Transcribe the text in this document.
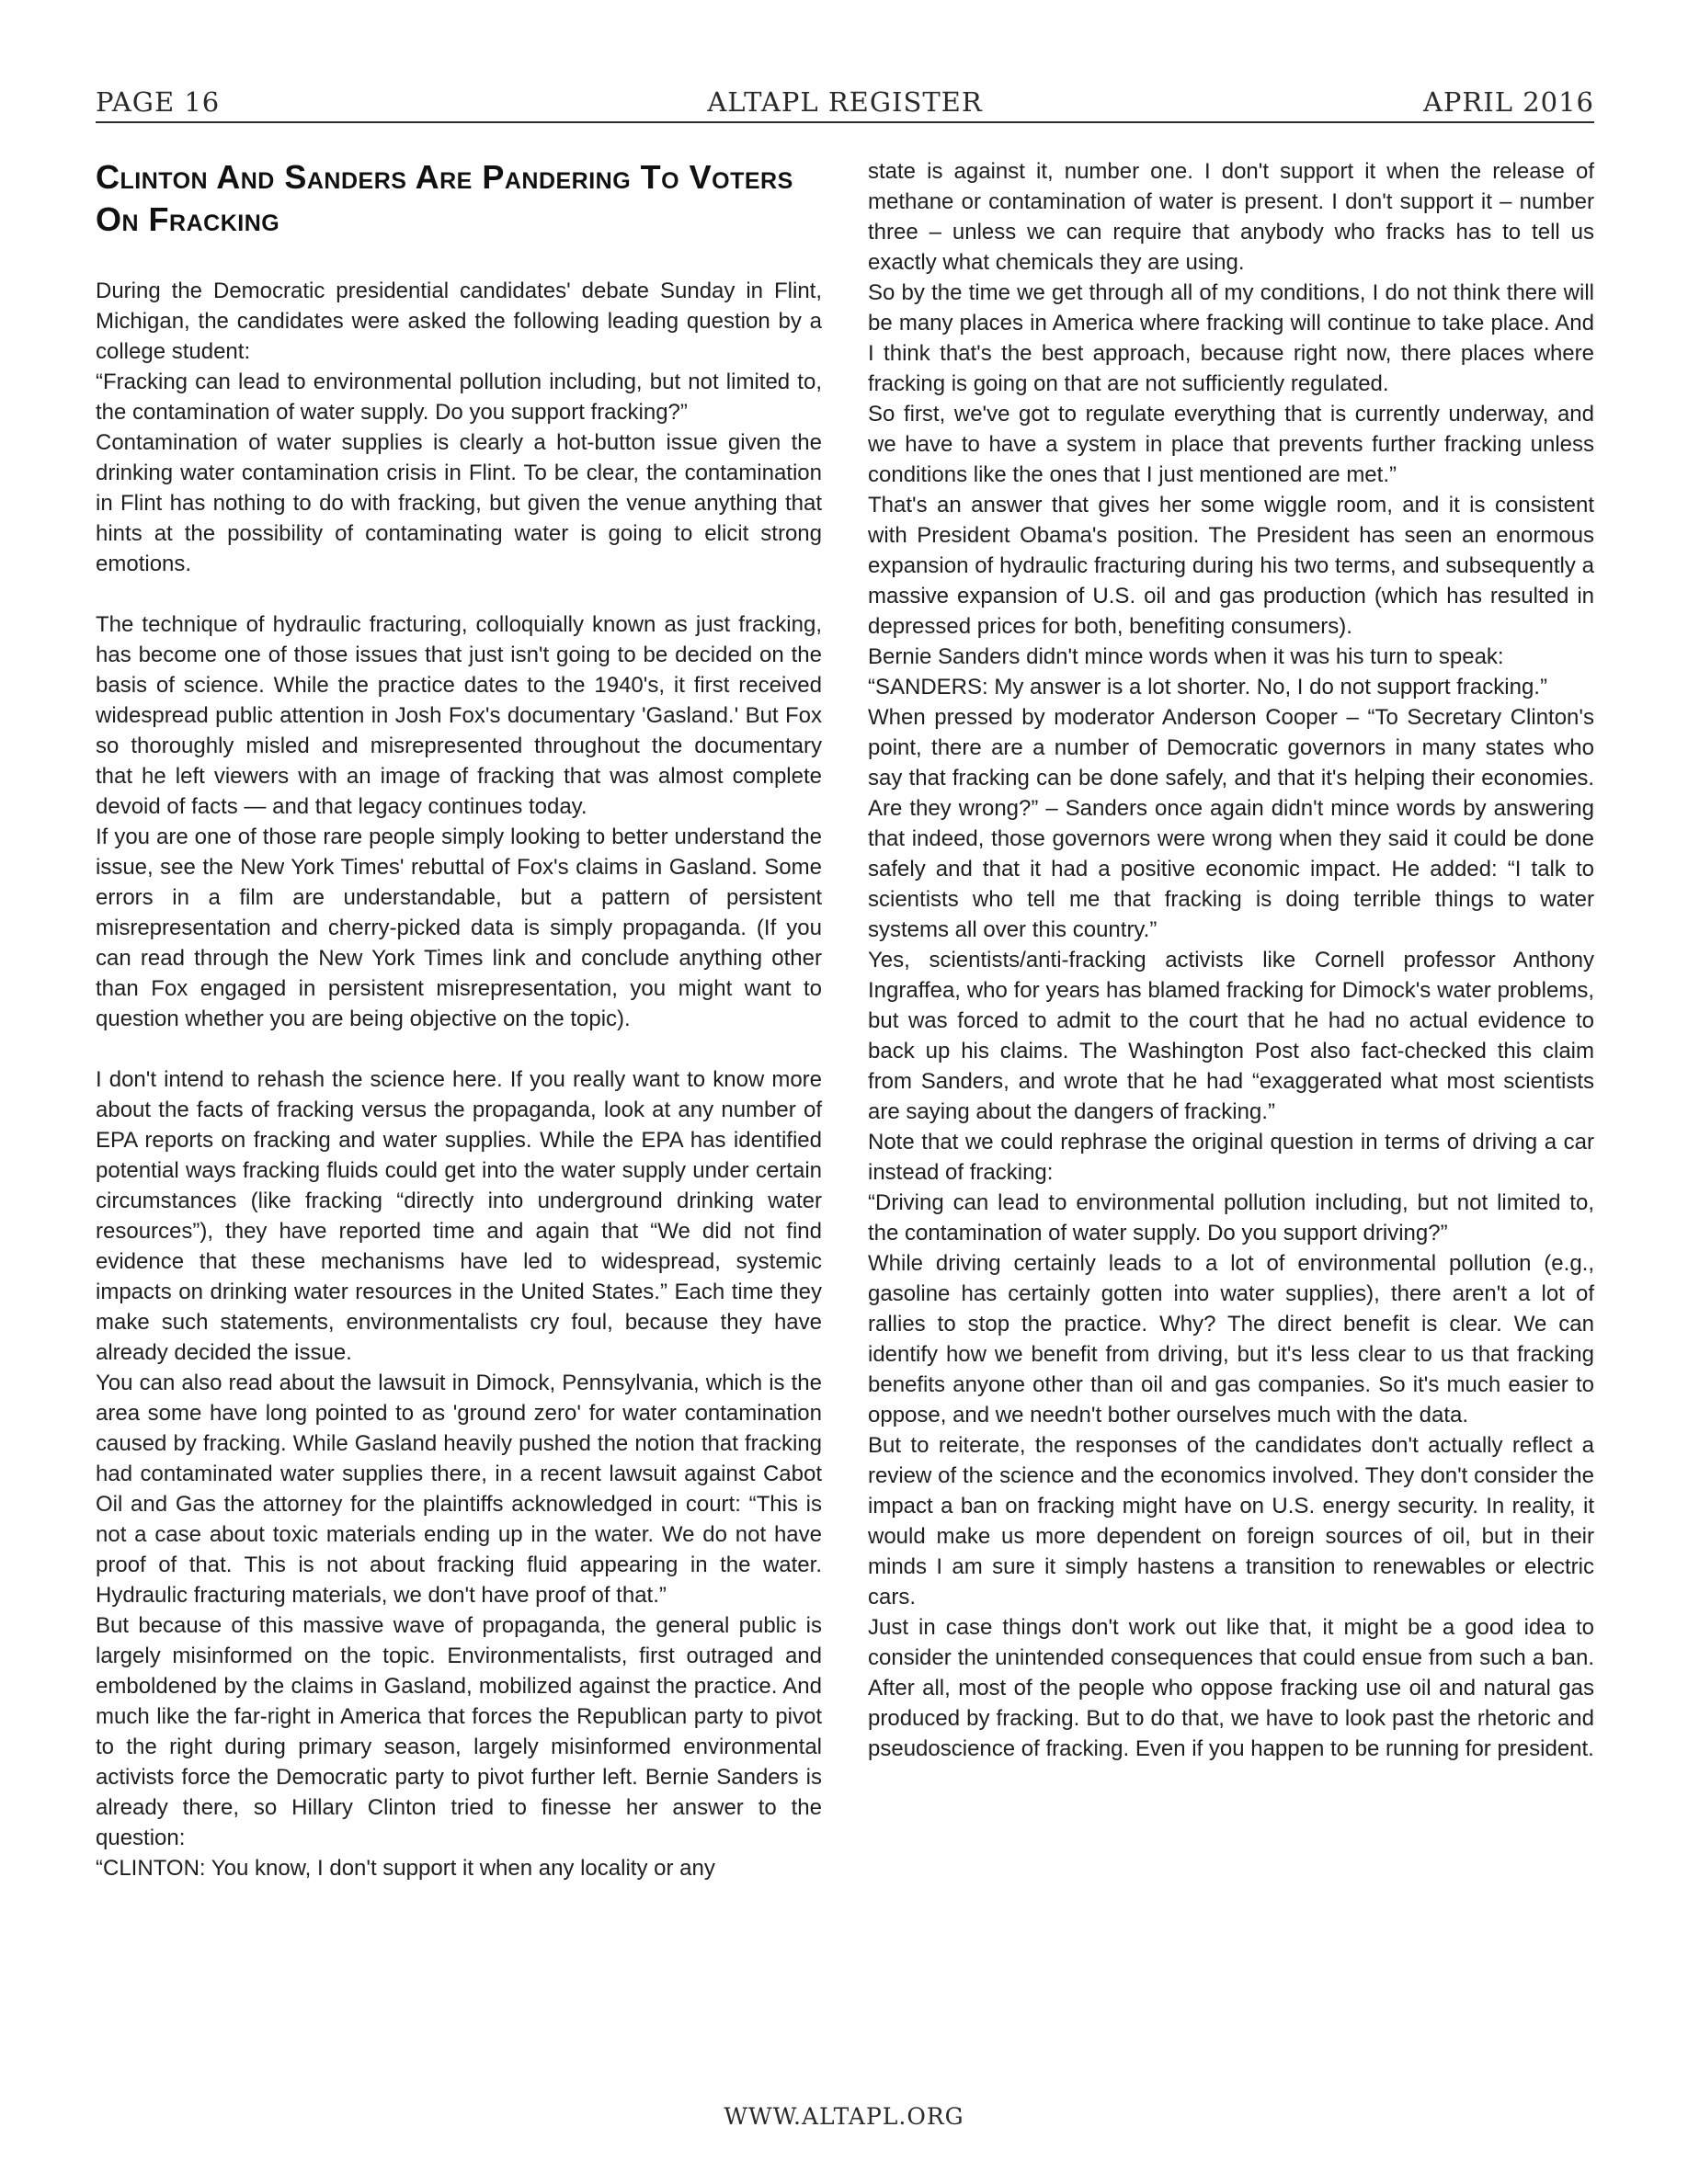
PAGE 16	ALTAPL REGISTER	APRIL 2016
Clinton And Sanders Are Pandering To Voters On Fracking

During the Democratic presidential candidates' debate Sunday in Flint, Michigan, the candidates were asked the following leading question by a college student:

“Fracking can lead to environmental pollution including, but not limited to, the contamination of water supply. Do you support fracking?”

Contamination of water supplies is clearly a hot-button issue given the drinking water contamination crisis in Flint. To be clear, the contamination in Flint has nothing to do with fracking, but given the venue anything that hints at the possibility of contaminating water is going to elicit strong emotions.

The technique of hydraulic fracturing, colloquially known as just fracking, has become one of those issues that just isn't going to be decided on the basis of science. While the practice dates to the 1940's, it first received widespread public attention in Josh Fox's documentary 'Gasland.' But Fox so thoroughly misled and misrepresented throughout the documentary that he left viewers with an image of fracking that was almost complete devoid of facts — and that legacy continues today.

If you are one of those rare people simply looking to better understand the issue, see the New York Times' rebuttal of Fox's claims in Gasland. Some errors in a film are understandable, but a pattern of persistent misrepresentation and cherry-picked data is simply propaganda. (If you can read through the New York Times link and conclude anything other than Fox engaged in persistent misrepresentation, you might want to question whether you are being objective on the topic).

I don't intend to rehash the science here. If you really want to know more about the facts of fracking versus the propaganda, look at any number of EPA reports on fracking and water supplies. While the EPA has identified potential ways fracking fluids could get into the water supply under certain circumstances (like fracking “directly into underground drinking water resources”), they have reported time and again that “We did not find evidence that these mechanisms have led to widespread, systemic impacts on drinking water resources in the United States.” Each time they make such statements, environmentalists cry foul, because they have already decided the issue.

You can also read about the lawsuit in Dimock, Pennsylvania, which is the area some have long pointed to as 'ground zero' for water contamination caused by fracking. While Gasland heavily pushed the notion that fracking had contaminated water supplies there, in a recent lawsuit against Cabot Oil and Gas the attorney for the plaintiffs acknowledged in court: “This is not a case about toxic materials ending up in the water. We do not have proof of that. This is not about fracking fluid appearing in the water. Hydraulic fracturing materials, we don't have proof of that.”

But because of this massive wave of propaganda, the general public is largely misinformed on the topic. Environmentalists, first outraged and emboldened by the claims in Gasland, mobilized against the practice. And much like the far-right in America that forces the Republican party to pivot to the right during primary season, largely misinformed environmental activists force the Democratic party to pivot further left. Bernie Sanders is already there, so Hillary Clinton tried to finesse her answer to the question:

“CLINTON: You know, I don't support it when any locality or any

state is against it, number one. I don't support it when the release of methane or contamination of water is present. I don't support it – number three – unless we can require that anybody who fracks has to tell us exactly what chemicals they are using.

So by the time we get through all of my conditions, I do not think there will be many places in America where fracking will continue to take place. And I think that's the best approach, because right now, there places where fracking is going on that are not sufficiently regulated.

So first, we've got to regulate everything that is currently underway, and we have to have a system in place that prevents further fracking unless conditions like the ones that I just mentioned are met.”

That's an answer that gives her some wiggle room, and it is consistent with President Obama's position. The President has seen an enormous expansion of hydraulic fracturing during his two terms, and subsequently a massive expansion of U.S. oil and gas production (which has resulted in depressed prices for both, benefiting consumers).

Bernie Sanders didn't mince words when it was his turn to speak:

“SANDERS: My answer is a lot shorter. No, I do not support fracking.”

When pressed by moderator Anderson Cooper – “To Secretary Clinton's point, there are a number of Democratic governors in many states who say that fracking can be done safely, and that it's helping their economies. Are they wrong?” – Sanders once again didn't mince words by answering that indeed, those governors were wrong when they said it could be done safely and that it had a positive economic impact. He added: “I talk to scientists who tell me that fracking is doing terrible things to water systems all over this country.”

Yes, scientists/anti-fracking activists like Cornell professor Anthony Ingraffea, who for years has blamed fracking for Dimock's water problems, but was forced to admit to the court that he had no actual evidence to back up his claims. The Washington Post also fact-checked this claim from Sanders, and wrote that he had “exaggerated what most scientists are saying about the dangers of fracking.”

Note that we could rephrase the original question in terms of driving a car instead of fracking:

“Driving can lead to environmental pollution including, but not limited to, the contamination of water supply. Do you support driving?”

While driving certainly leads to a lot of environmental pollution (e.g., gasoline has certainly gotten into water supplies), there aren't a lot of rallies to stop the practice. Why? The direct benefit is clear. We can identify how we benefit from driving, but it's less clear to us that fracking benefits anyone other than oil and gas companies. So it's much easier to oppose, and we needn't bother ourselves much with the data.

But to reiterate, the responses of the candidates don't actually reflect a review of the science and the economics involved. They don't consider the impact a ban on fracking might have on U.S. energy security. In reality, it would make us more dependent on foreign sources of oil, but in their minds I am sure it simply hastens a transition to renewables or electric cars.

Just in case things don't work out like that, it might be a good idea to consider the unintended consequences that could ensue from such a ban. After all, most of the people who oppose fracking use oil and natural gas produced by fracking. But to do that, we have to look past the rhetoric and pseudoscience of fracking. Even if you happen to be running for president.

WWW.ALTAPL.ORG
